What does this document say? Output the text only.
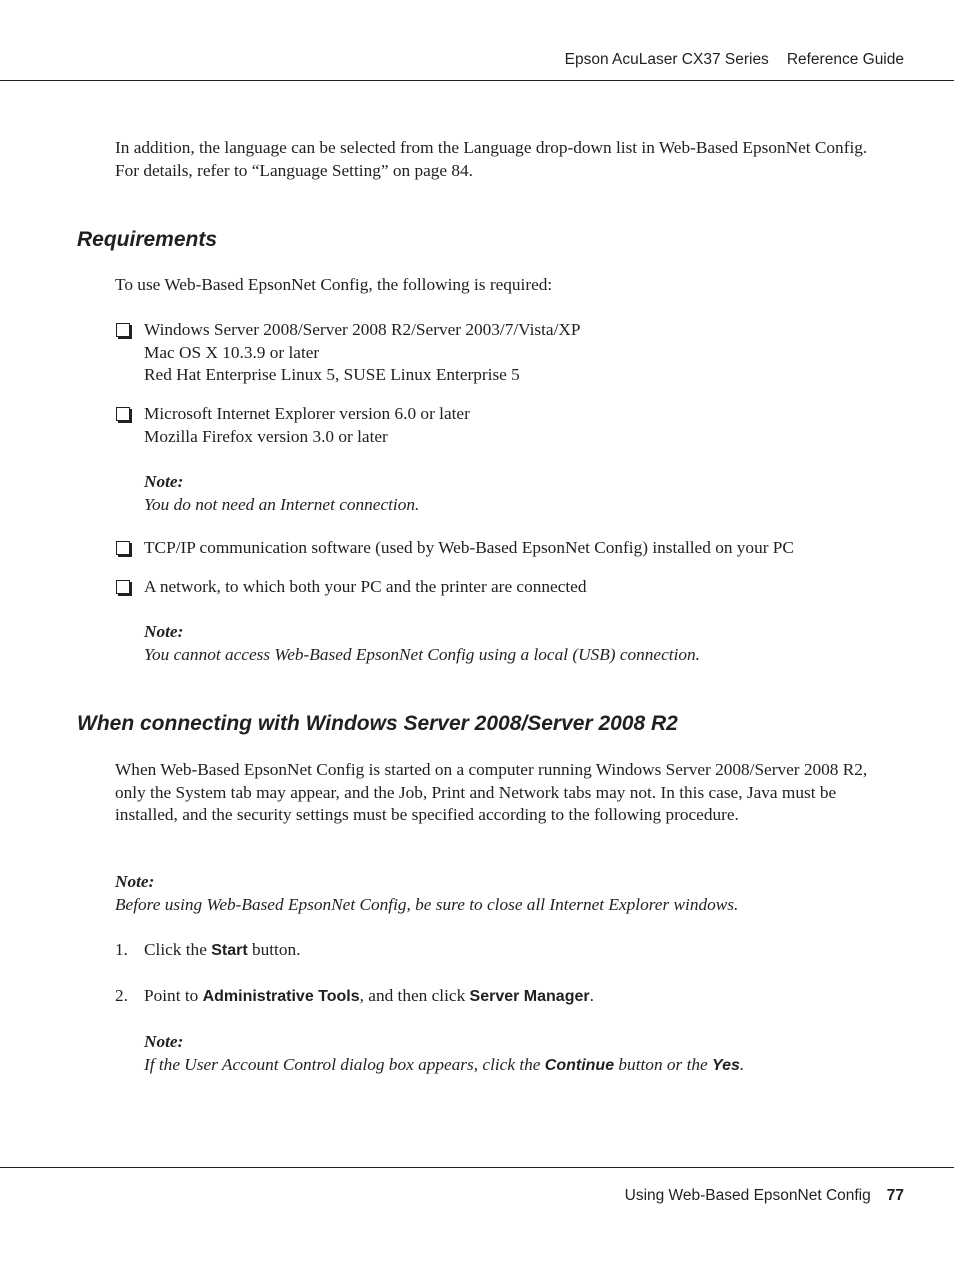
Epson AcuLaser CX37 Series Reference Guide
In addition, the language can be selected from the Language drop-down list in Web-Based EpsonNet Config. For details, refer to “Language Setting” on page 84.
Requirements
To use Web-Based EpsonNet Config, the following is required:
Windows Server 2008/Server 2008 R2/Server 2003/7/Vista/XP
Mac OS X 10.3.9 or later
Red Hat Enterprise Linux 5, SUSE Linux Enterprise 5
Microsoft Internet Explorer version 6.0 or later
Mozilla Firefox version 3.0 or later
Note:
You do not need an Internet connection.
TCP/IP communication software (used by Web-Based EpsonNet Config) installed on your PC
A network, to which both your PC and the printer are connected
Note:
You cannot access Web-Based EpsonNet Config using a local (USB) connection.
When connecting with Windows Server 2008/Server 2008 R2
When Web-Based EpsonNet Config is started on a computer running Windows Server 2008/Server 2008 R2, only the System tab may appear, and the Job, Print and Network tabs may not. In this case, Java must be installed, and the security settings must be specified according to the following procedure.
Note:
Before using Web-Based EpsonNet Config, be sure to close all Internet Explorer windows.
1. Click the Start button.
2. Point to Administrative Tools, and then click Server Manager.
Note:
If the User Account Control dialog box appears, click the Continue button or the Yes.
Using Web-Based EpsonNet Config 77
